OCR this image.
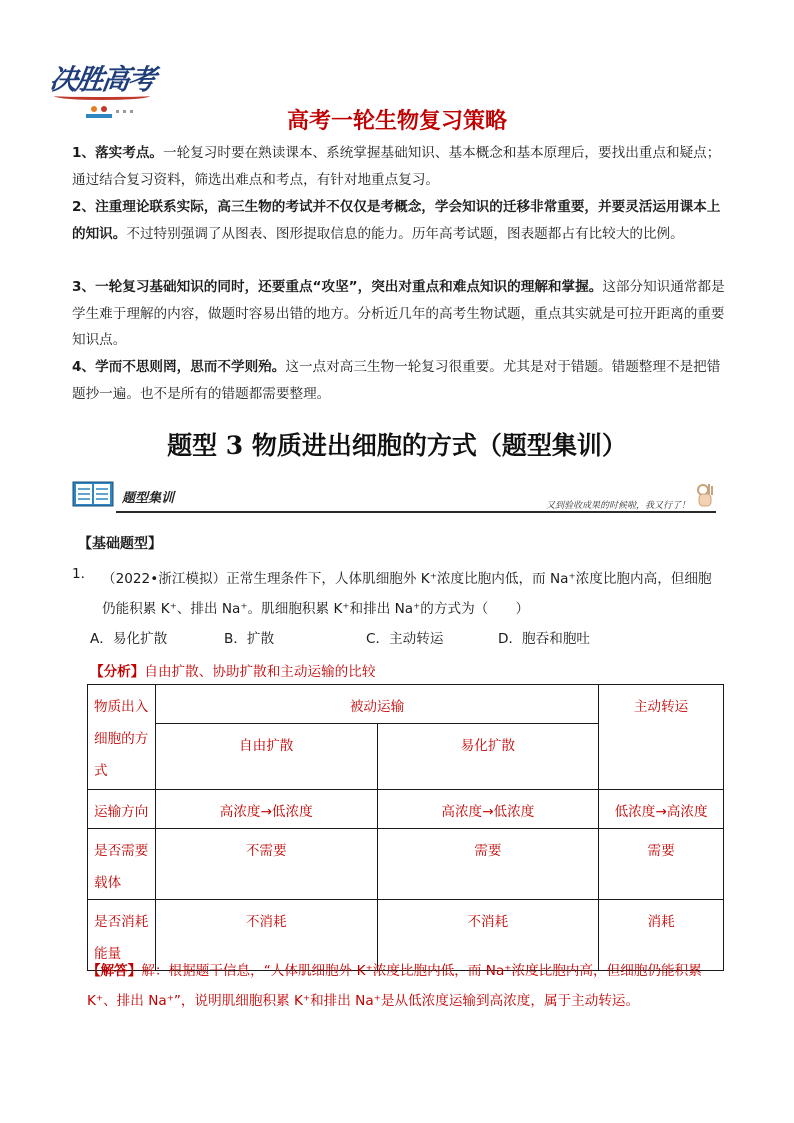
决胜高考
高考一轮生物复习策略
1、落实考点。一轮复习时要在熟读课本、系统掌握基础知识、基本概念和基本原理后，要找出重点和疑点；通过结合复习资料，筛选出难点和考点，有针对地重点复习。
2、注重理论联系实际，高三生物的考试并不仅仅是考概念，学会知识的迁移非常重要，并要灵活运用课本上的知识。不过特别强调了从图表、图形提取信息的能力。历年高考试题，图表题都占有比较大的比例。
3、一轮复习基础知识的同时，还要重点“攻坚”，突出对重点和难点知识的理解和掌握。这部分知识通常都是学生难于理解的内容，做题时容易出错的地方。分析近几年的高考生物试题，重点其实就是可拉开距离的重要知识点。
4、学而不思则罔，思而不学则殆。这一点对高三生物一轮复习很重要。尤其是对于错题。错题整理不是把错题抄一遍。也不是所有的错题都需要整理。
题型 3 物质进出细胞的方式（题型集训）
题型集训	又到验收成果的时候啦，我又行了！
【基础题型】
1. （2022•浙江模拟）正常生理条件下，人体肌细胞外 K⁺浓度比胞内低，而 Na⁺浓度比胞内高，但细胞仍能积累 K⁺、排出 Na⁺。肌细胞积累 K⁺和排出 Na⁺的方式为（　　）
A．易化扩散	B．扩散	C．主动转运	D．胞吞和胞吐
【分析】自由扩散、协助扩散和主动运输的比较
物质出入细胞的方式	被动运输		主动转运
	自由扩散	易化扩散	
运输方向	高浓度→低浓度	高浓度→低浓度	低浓度→高浓度
是否需要载体	不需要	需要	需要
是否消耗能量	不消耗	不消耗	消耗
【解答】解：根据题干信息，“人体肌细胞外 K⁺浓度比胞内低，而 Na⁺浓度比胞内高，但细胞仍能积累 K⁺、排出 Na⁺”，说明肌细胞积累 K⁺和排出 Na⁺是从低浓度运输到高浓度，属于主动转运。
